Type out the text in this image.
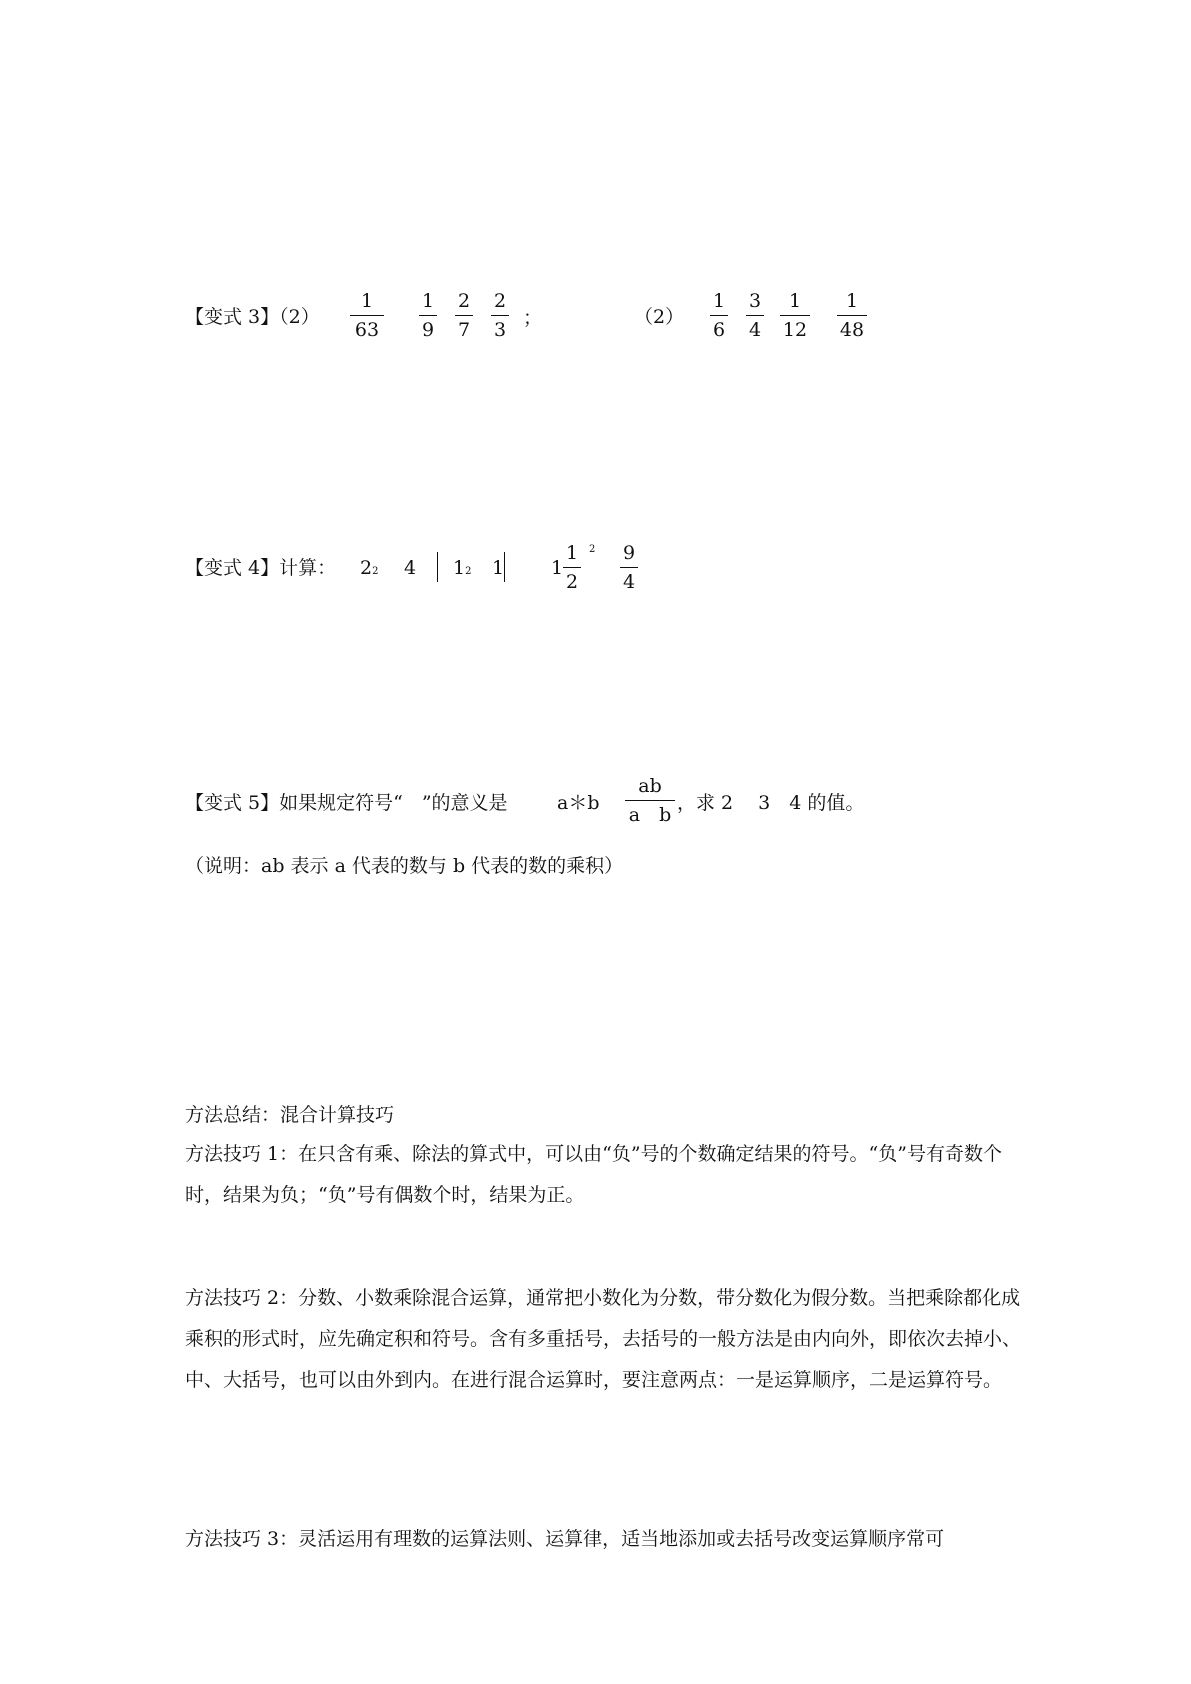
【变式 3】（2）
1
63
1
9
2
7
2
3
；	（2）
1
6
3
4
1
12
1
48
【变式 4】计算： 22 4 12 1 1
1
2
2 9
4
【变式 5】如果规定符号“　”的意义是	a＊b
ab
a　b
，求 2　 3　4 的值。
（说明：ab 表示 a 代表的数与 b 代表的数的乘积）
方法总结：混合计算技巧
方法技巧 1：在只含有乘、除法的算式中，可以由“负”号的个数确定结果的符号。“负”号有奇数个时，结果为负；“负”号有偶数个时，结果为正。
方法技巧 2：分数、小数乘除混合运算，通常把小数化为分数，带分数化为假分数。当把乘除都化成乘积的形式时，应先确定积和符号。含有多重括号，去括号的一般方法是由内向外，即依次去掉小、中、大括号，也可以由外到内。在进行混合运算时，要注意两点：一是运算顺序，二是运算符号。
方法技巧 3：灵活运用有理数的运算法则、运算律，适当地添加或去括号改变运算顺序常可
